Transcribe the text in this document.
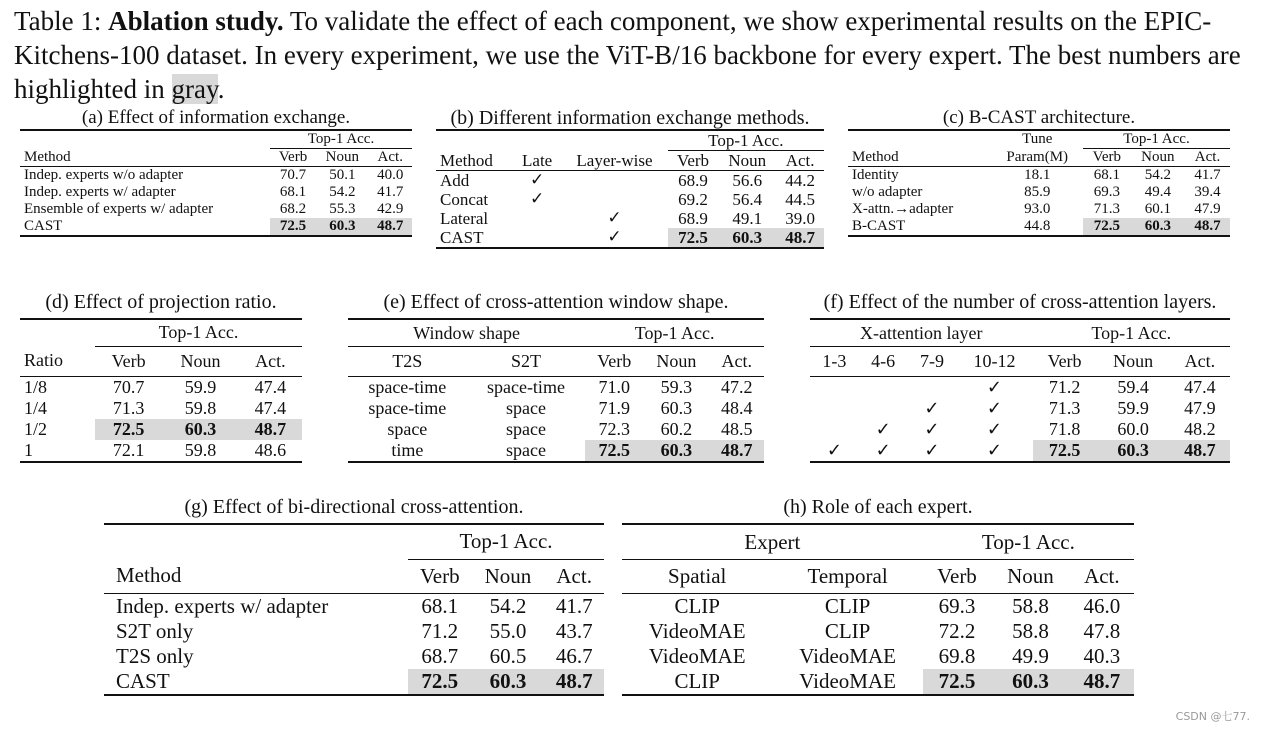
Table 1: Ablation study. To validate the effect of each component, we show experimental results on the EPIC-Kitchens-100 dataset. In every experiment, we use the ViT-B/16 backbone for every expert. The best numbers are highlighted in gray.
(a) Effect of information exchange.
	Top-1 Acc.		
Method	Verb	Noun	Act.
Indep. experts w/o adapter	70.7	50.1	40.0
Indep. experts w/ adapter	68.1	54.2	41.7
Ensemble of experts w/ adapter	68.2	55.3	42.9
CAST	72.5	60.3	48.7
(b) Different information exchange methods.
			Top-1 Acc.		
Method	Late	Layer-wise	Verb	Noun	Act.
Add	✓		68.9	56.6	44.2
Concat	✓		69.2	56.4	44.5
Lateral		✓	68.9	49.1	39.0
CAST		✓	72.5	60.3	48.7
(c) B-CAST architecture.
	Tune	Top-1 Acc.		
Method	Param(M)	Verb	Noun	Act.
Identity	18.1	68.1	54.2	41.7
w/o adapter	85.9	69.3	49.4	39.4
X-attn.→adapter	93.0	71.3	60.1	47.9
B-CAST	44.8	72.5	60.3	48.7
(d) Effect of projection ratio.
	Top-1 Acc.		
Ratio	Verb	Noun	Act.
1/8	70.7	59.9	47.4
1/4	71.3	59.8	47.4
1/2	72.5	60.3	48.7
1	72.1	59.8	48.6
(e) Effect of cross-attention window shape.
Window shape		Top-1 Acc.		
T2S	S2T	Verb	Noun	Act.
space-time	space-time	71.0	59.3	47.2
space-time	space	71.9	60.3	48.4
space	space	72.3	60.2	48.5
time	space	72.5	60.3	48.7
(f) Effect of the number of cross-attention layers.
X-attention layer				Top-1 Acc.		
1-3	4-6	7-9	10-12	Verb	Noun	Act.
			✓	71.2	59.4	47.4
		✓	✓	71.3	59.9	47.9
	✓	✓	✓	71.8	60.0	48.2
✓	✓	✓	✓	72.5	60.3	48.7
(g) Effect of bi-directional cross-attention.
	Top-1 Acc.		
Method	Verb	Noun	Act.
Indep. experts w/ adapter	68.1	54.2	41.7
S2T only	71.2	55.0	43.7
T2S only	68.7	60.5	46.7
CAST	72.5	60.3	48.7
(h) Role of each expert.
Expert		Top-1 Acc.		
Spatial	Temporal	Verb	Noun	Act.
CLIP	CLIP	69.3	58.8	46.0
VideoMAE	CLIP	72.2	58.8	47.8
VideoMAE	VideoMAE	69.8	49.9	40.3
CLIP	VideoMAE	72.5	60.3	48.7
CSDN @七77.
